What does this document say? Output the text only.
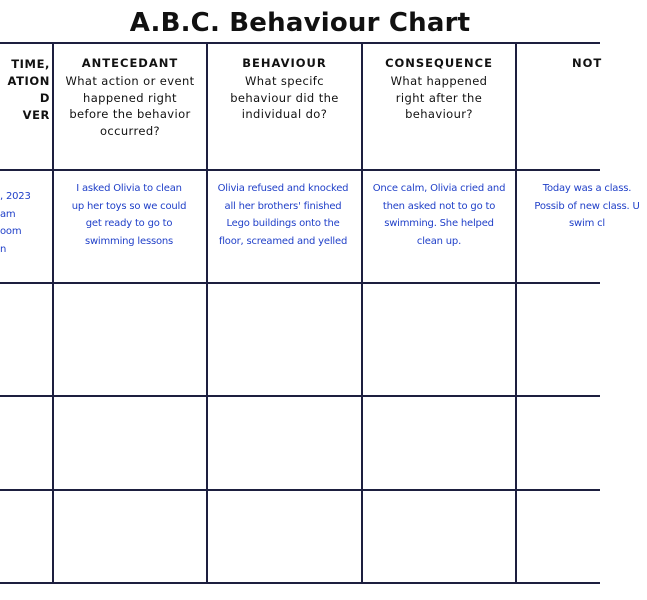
A.B.C. Behaviour Chart
TIME,
ATION
D
VER
ANTECEDANT
What action or event happened right before the behavior occurred?
BEHAVIOUR
What specifc behaviour did the individual do?
CONSEQUENCE
What happened right after the behaviour?
NOT
, 2023
am
oom
n
I asked Olivia to clean up her toys so we could get ready to go to swimming lessons
Olivia refused and knocked all her brothers' finished Lego buildings onto the floor, screamed and yelled
Once calm, Olivia cried and then asked not to go to swimming. She helped clean up.
Today was a class. Possib of new class. U swim cl
